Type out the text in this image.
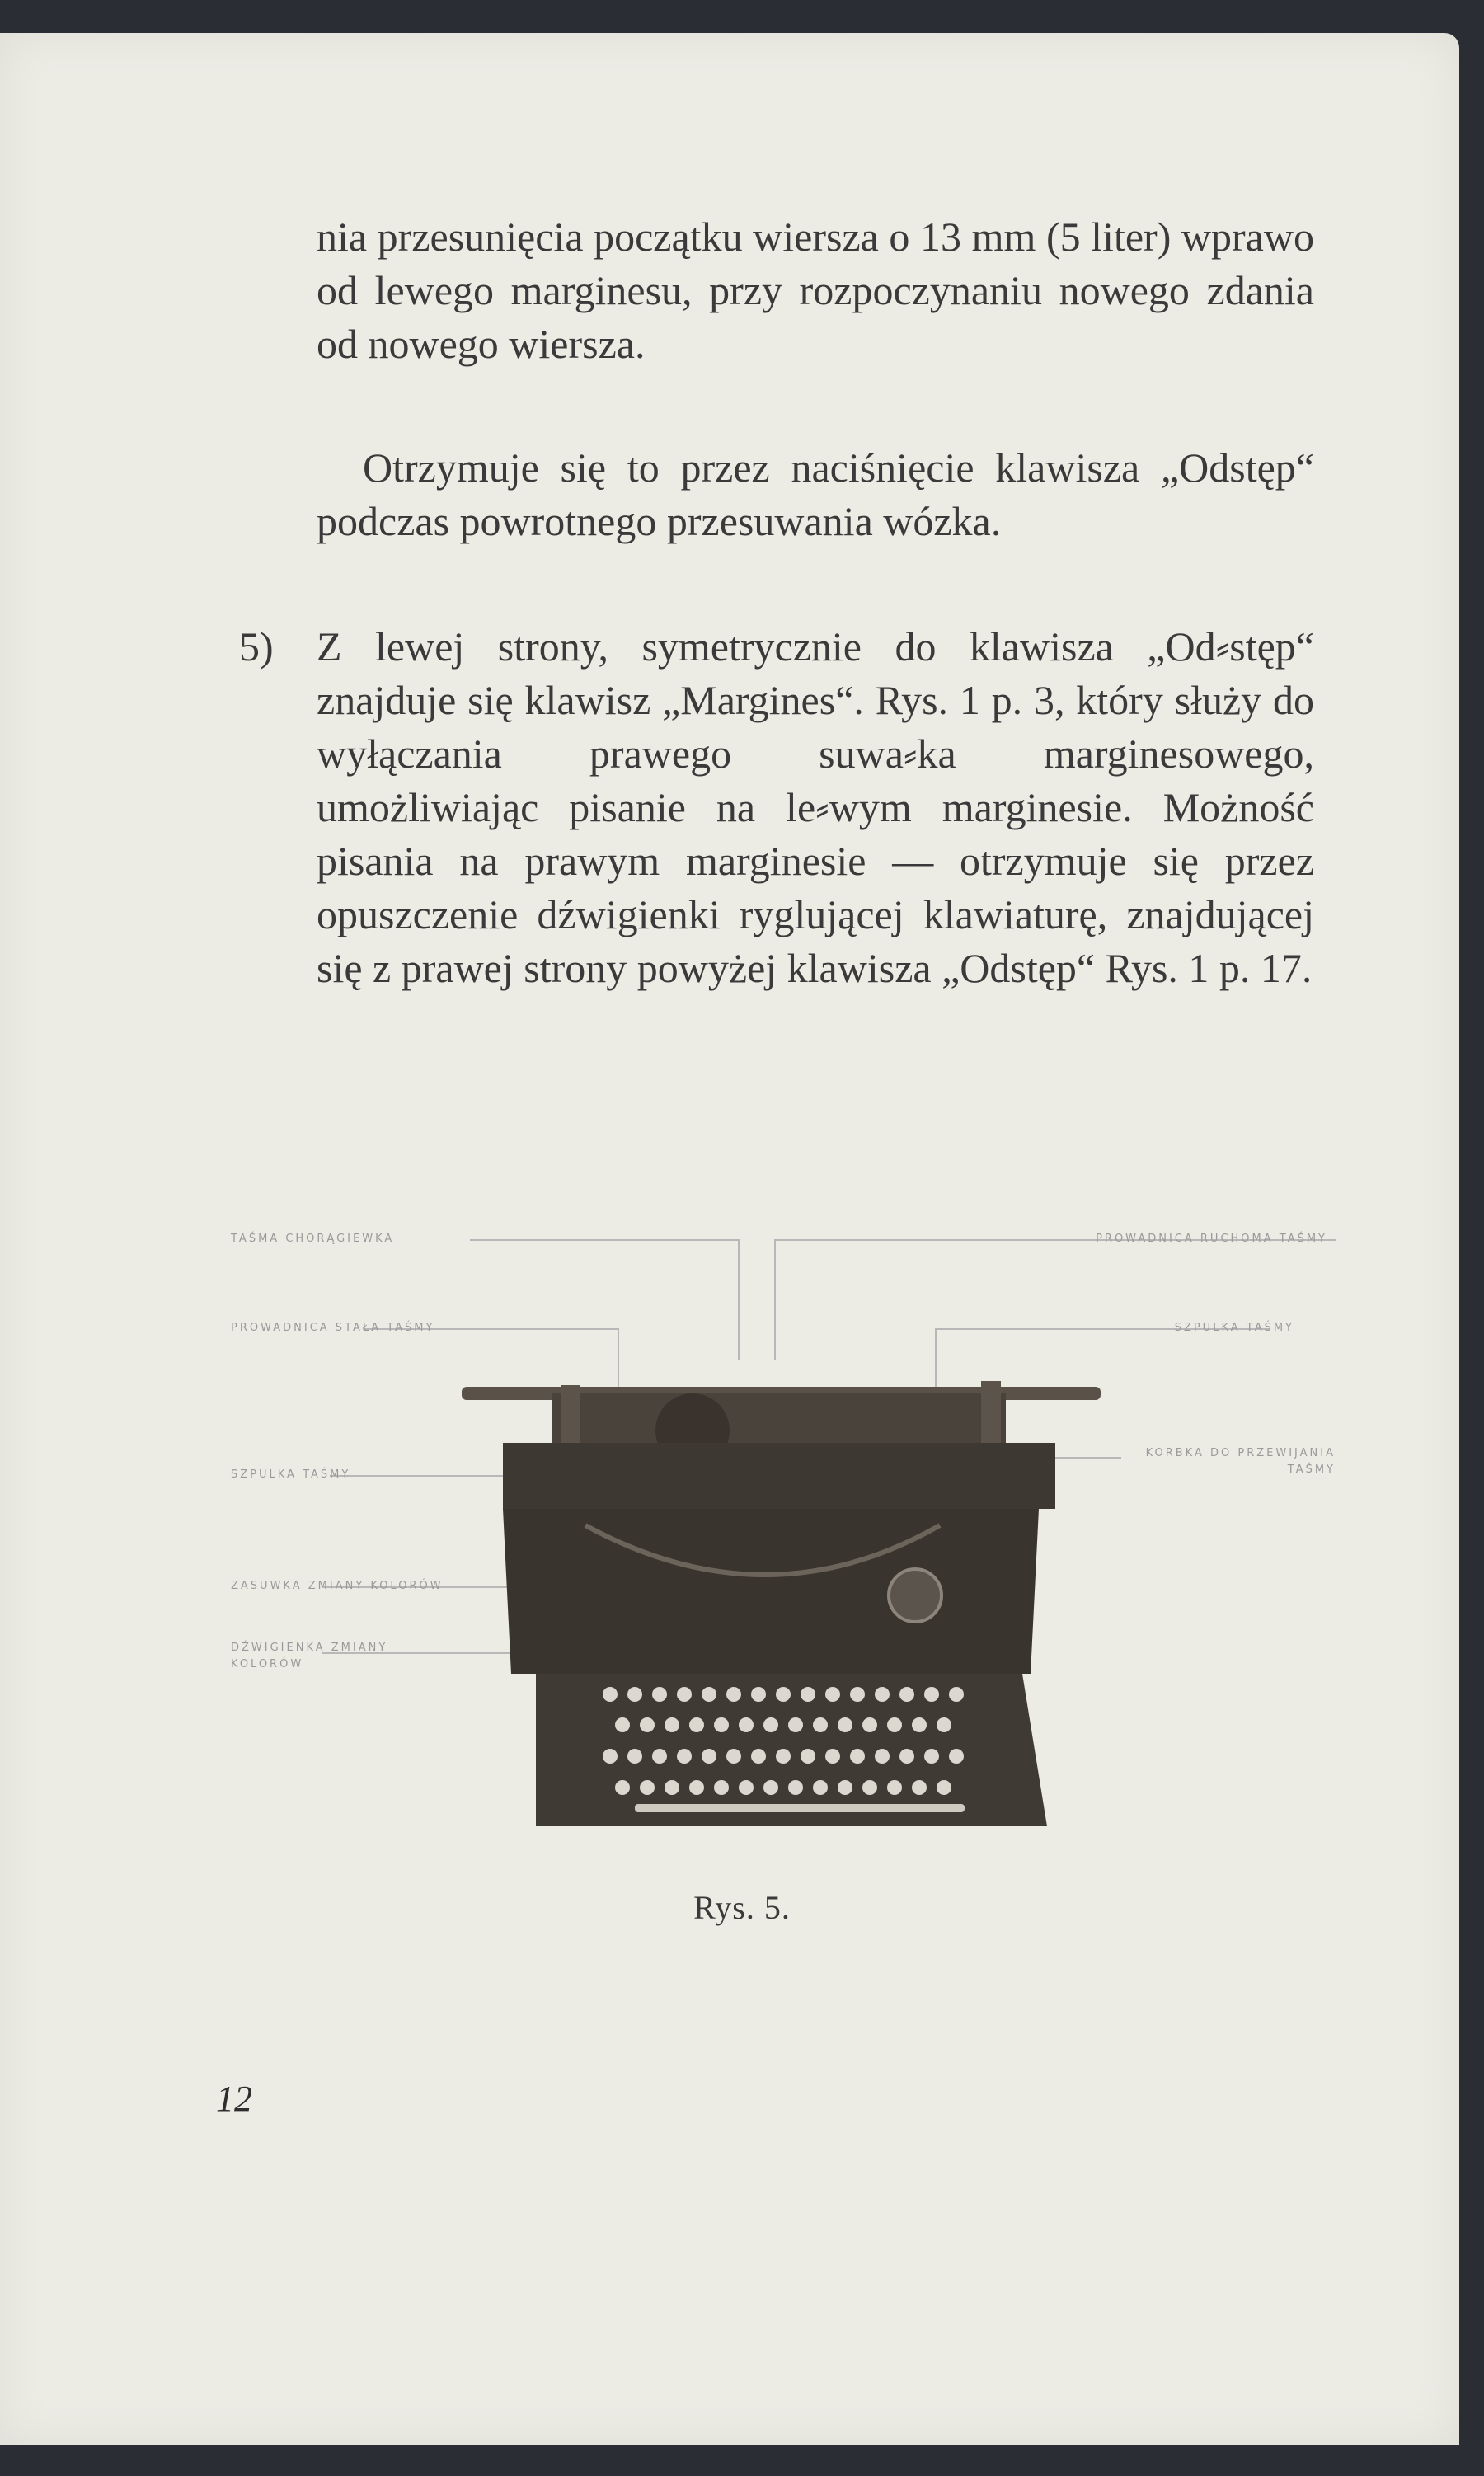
nia przesunięcia początku wiersza o 13 mm (5 liter) wprawo od lewego marginesu, przy rozpoczynaniu nowego zdania od nowego wiersza.
Otrzymuje się to przez naciśnięcie klawisza „Odstęp“ podczas powrotnego przesuwania wózka.
5) Z lewej strony, symetrycznie do klawisza „Od⸗stęp“ znajduje się klawisz „Margines“. Rys. 1 p. 3, który służy do wyłączania prawego suwa⸗ka marginesowego, umożliwiając pisanie na le⸗wym marginesie. Możność pisania na prawym marginesie — otrzymuje się przez opuszczenie dźwigienki ryglującej klawiaturę, znajdującej się z prawej strony powyżej klawisza „Odstęp“ Rys. 1 p. 17.
TAŚMA CHORĄGIEWKA
PROWADNICA STAŁA TAŚMY
SZPULKA TAŚMY
ZASUWKA ZMIANY KOLORÓW
DŹWIGIENKA ZMIANY
KOLORÓW
PROWADNICA RUCHOMA TAŚMY
SZPULKA TAŚMY
KORBKA DO PRZEWIJANIA
TAŚMY
Rys. 5.
12
